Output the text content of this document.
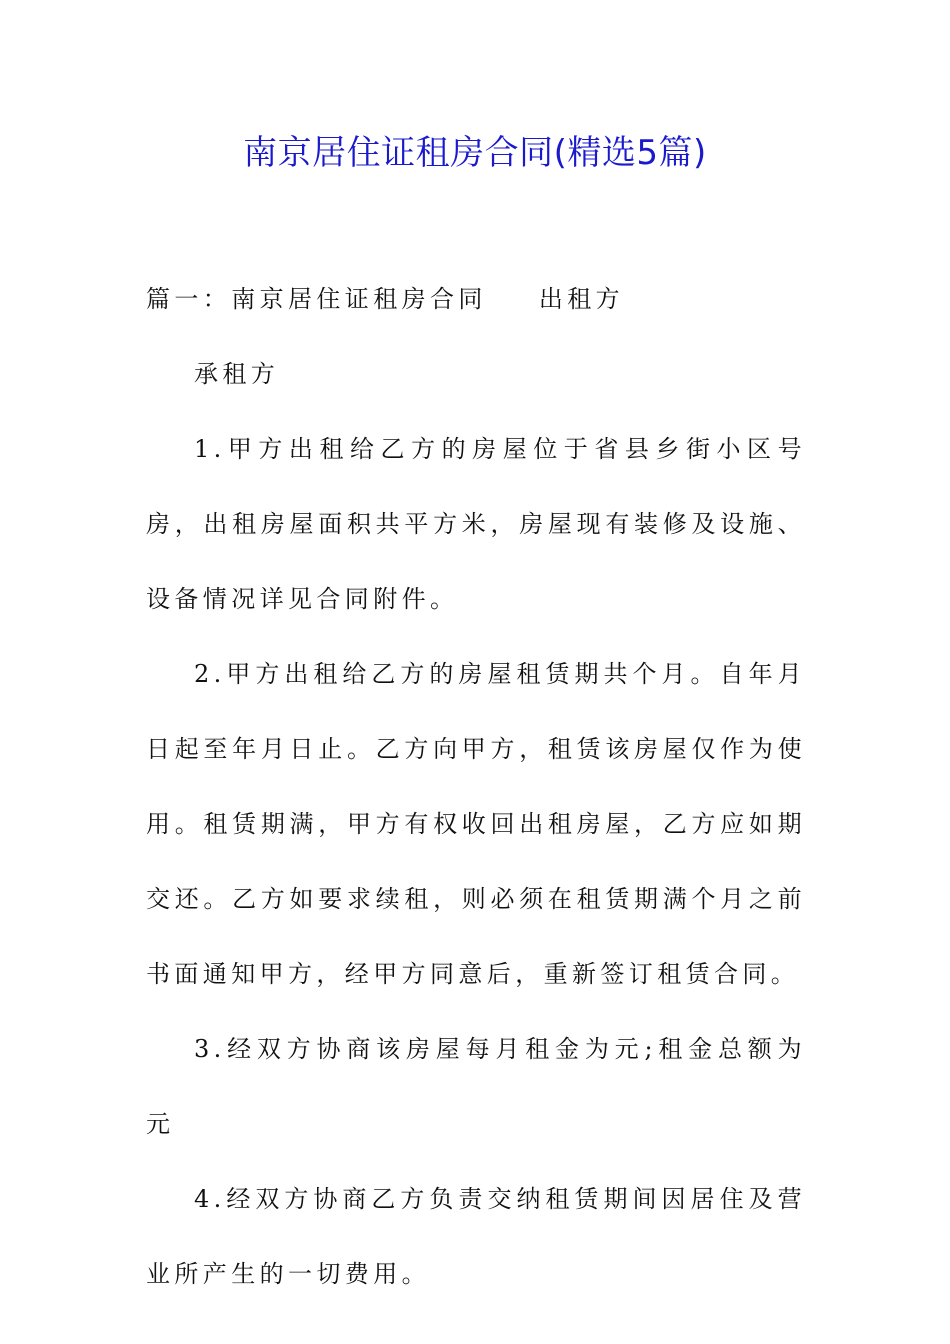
南京居住证租房合同(精选5篇)

篇一：南京居住证租房合同 出租方

承租方

1.甲方出租给乙方的房屋位于省县乡街小区号房，出租房屋面积共平方米，房屋现有装修及设施、设备情况详见合同附件。

2.甲方出租给乙方的房屋租赁期共个月。自年月日起至年月日止。乙方向甲方，租赁该房屋仅作为使用。租赁期满，甲方有权收回出租房屋，乙方应如期交还。乙方如要求续租，则必须在租赁期满个月之前书面通知甲方，经甲方同意后，重新签订租赁合同。

3.经双方协商该房屋每月租金为元;租金总额为元

4.经双方协商乙方负责交纳租赁期间因居住及营业所产生的一切费用。
